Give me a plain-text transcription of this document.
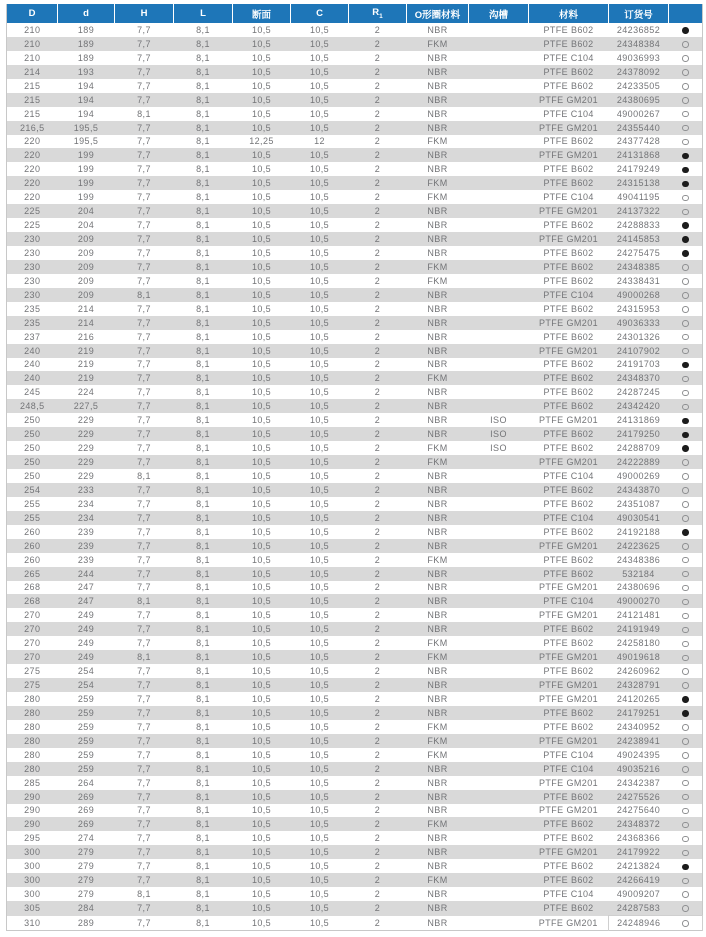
D	d	H	L	断面	C	$R_1$	O形圈材料	沟槽	材料	订货号	
210	189	7,7	8,1	10,5	10,5	2	NBR		PTFE B602	24236852	
210	189	7,7	8,1	10,5	10,5	2	FKM		PTFE B602	24348384	
210	189	7,7	8,1	10,5	10,5	2	NBR		PTFE C104	49036993	
214	193	7,7	8,1	10,5	10,5	2	NBR		PTFE B602	24378092	
215	194	7,7	8,1	10,5	10,5	2	NBR		PTFE B602	24233505	
215	194	7,7	8,1	10,5	10,5	2	NBR		PTFE GM201	24380695	
215	194	8,1	8,1	10,5	10,5	2	NBR		PTFE C104	49000267	
216,5	195,5	7,7	8,1	10,5	10,5	2	NBR		PTFE GM201	24355440	
220	195,5	7,7	8,1	12,25	12	2	FKM		PTFE B602	24377428	
220	199	7,7	8,1	10,5	10,5	2	NBR		PTFE GM201	24131868	
220	199	7,7	8,1	10,5	10,5	2	NBR		PTFE B602	24179249	
220	199	7,7	8,1	10,5	10,5	2	FKM		PTFE B602	24315138	
220	199	7,7	8,1	10,5	10,5	2	FKM		PTFE C104	49041195	
225	204	7,7	8,1	10,5	10,5	2	NBR		PTFE GM201	24137322	
225	204	7,7	8,1	10,5	10,5	2	NBR		PTFE B602	24288833	
230	209	7,7	8,1	10,5	10,5	2	NBR		PTFE GM201	24145853	
230	209	7,7	8,1	10,5	10,5	2	NBR		PTFE B602	24275475	
230	209	7,7	8,1	10,5	10,5	2	FKM		PTFE B602	24348385	
230	209	7,7	8,1	10,5	10,5	2	FKM		PTFE B602	24338431	
230	209	8,1	8,1	10,5	10,5	2	NBR		PTFE C104	49000268	
235	214	7,7	8,1	10,5	10,5	2	NBR		PTFE B602	24315953	
235	214	7,7	8,1	10,5	10,5	2	NBR		PTFE GM201	49036333	
237	216	7,7	8,1	10,5	10,5	2	NBR		PTFE B602	24301326	
240	219	7,7	8,1	10,5	10,5	2	NBR		PTFE GM201	24107902	
240	219	7,7	8,1	10,5	10,5	2	NBR		PTFE B602	24191703	
240	219	7,7	8,1	10,5	10,5	2	FKM		PTFE B602	24348370	
245	224	7,7	8,1	10,5	10,5	2	NBR		PTFE B602	24287245	
248,5	227,5	7,7	8,1	10,5	10,5	2	NBR		PTFE B602	24342420	
250	229	7,7	8,1	10,5	10,5	2	NBR	ISO	PTFE GM201	24131869	
250	229	7,7	8,1	10,5	10,5	2	NBR	ISO	PTFE B602	24179250	
250	229	7,7	8,1	10,5	10,5	2	FKM	ISO	PTFE B602	24288709	
250	229	7,7	8,1	10,5	10,5	2	FKM		PTFE GM201	24222889	
250	229	8,1	8,1	10,5	10,5	2	NBR		PTFE C104	49000269	
254	233	7,7	8,1	10,5	10,5	2	NBR		PTFE B602	24343870	
255	234	7,7	8,1	10,5	10,5	2	NBR		PTFE B602	24351087	
255	234	7,7	8,1	10,5	10,5	2	NBR		PTFE C104	49030541	
260	239	7,7	8,1	10,5	10,5	2	NBR		PTFE B602	24192188	
260	239	7,7	8,1	10,5	10,5	2	NBR		PTFE GM201	24223625	
260	239	7,7	8,1	10,5	10,5	2	FKM		PTFE B602	24348386	
265	244	7,7	8,1	10,5	10,5	2	NBR		PTFE B602	532184	
268	247	7,7	8,1	10,5	10,5	2	NBR		PTFE GM201	24380696	
268	247	8,1	8,1	10,5	10,5	2	NBR		PTFE C104	49000270	
270	249	7,7	8,1	10,5	10,5	2	NBR		PTFE GM201	24121481	
270	249	7,7	8,1	10,5	10,5	2	NBR		PTFE B602	24191949	
270	249	7,7	8,1	10,5	10,5	2	FKM		PTFE B602	24258180	
270	249	8,1	8,1	10,5	10,5	2	FKM		PTFE GM201	49019618	
275	254	7,7	8,1	10,5	10,5	2	NBR		PTFE B602	24260962	
275	254	7,7	8,1	10,5	10,5	2	NBR		PTFE GM201	24328791	
280	259	7,7	8,1	10,5	10,5	2	NBR		PTFE GM201	24120265	
280	259	7,7	8,1	10,5	10,5	2	NBR		PTFE B602	24179251	
280	259	7,7	8,1	10,5	10,5	2	FKM		PTFE B602	24340952	
280	259	7,7	8,1	10,5	10,5	2	FKM		PTFE GM201	24238941	
280	259	7,7	8,1	10,5	10,5	2	FKM		PTFE C104	49024395	
280	259	7,7	8,1	10,5	10,5	2	NBR		PTFE C104	49035216	
285	264	7,7	8,1	10,5	10,5	2	NBR		PTFE GM201	24342387	
290	269	7,7	8,1	10,5	10,5	2	NBR		PTFE B602	24275526	
290	269	7,7	8,1	10,5	10,5	2	NBR		PTFE GM201	24275640	
290	269	7,7	8,1	10,5	10,5	2	FKM		PTFE B602	24348372	
295	274	7,7	8,1	10,5	10,5	2	NBR		PTFE B602	24368366	
300	279	7,7	8,1	10,5	10,5	2	NBR		PTFE GM201	24179922	
300	279	7,7	8,1	10,5	10,5	2	NBR		PTFE B602	24213824	
300	279	7,7	8,1	10,5	10,5	2	FKM		PTFE B602	24266419	
300	279	8,1	8,1	10,5	10,5	2	NBR		PTFE C104	49009207	
305	284	7,7	8,1	10,5	10,5	2	NBR		PTFE B602	24287583	
310	289	7,7	8,1	10,5	10,5	2	NBR		PTFE GM201	24248946	
